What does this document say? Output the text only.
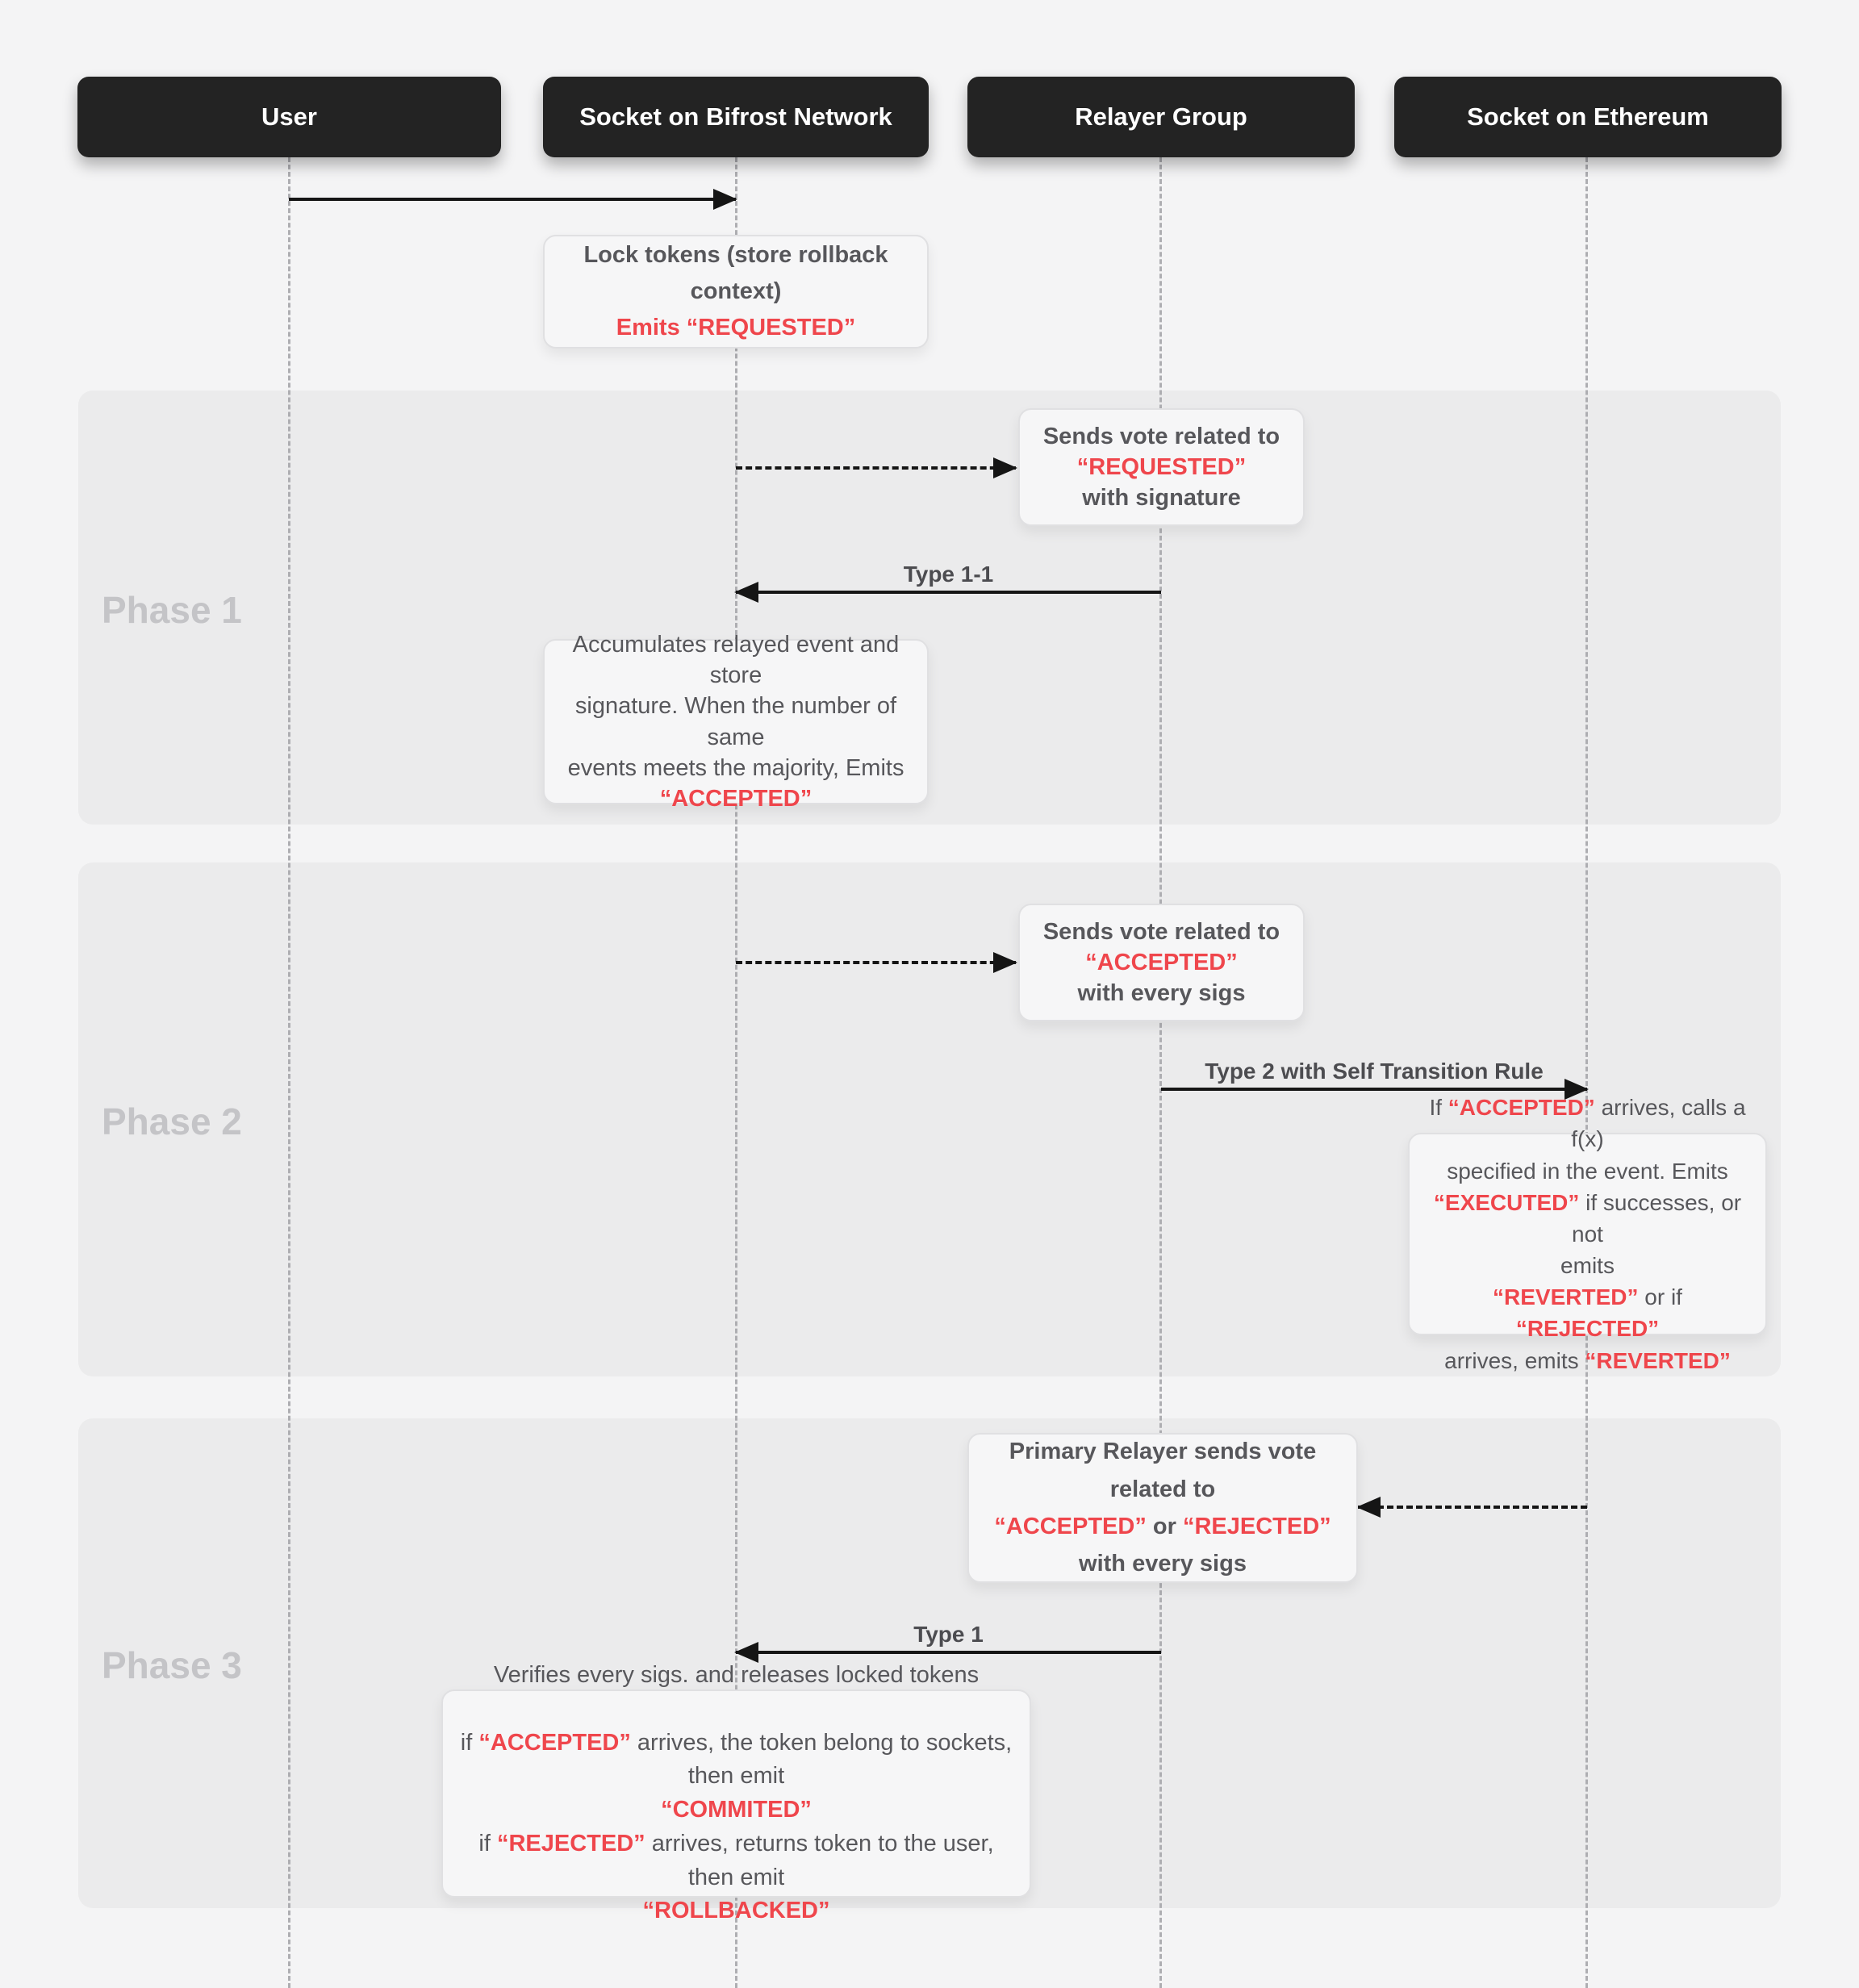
Phase 1
Phase 2
Phase 3
User	Socket on Bifrost Network	Relayer Group	Socket on Ethereum
Type 1-1
Type 2 with Self Transition Rule
Type 1
Lock tokens (store rollback context)
Emits “REQUESTED”
Sends vote related to
“REQUESTED”
with signature
Accumulates relayed event and store
signature. When the number of same
events meets the majority, Emits
“ACCEPTED”
Sends vote related to
“ACCEPTED”
with every sigs
If “ACCEPTED” arrives, calls a f(x)
specified in the event. Emits
“EXECUTED” if successes, or not
emits
“REVERTED” or if “REJECTED”
arrives, emits “REVERTED”
Primary Relayer sends vote related to
“ACCEPTED” or “REJECTED”
with every sigs
Verifies every sigs. and releases locked tokens

if “ACCEPTED” arrives, the token belong to sockets, then emit
“COMMITED”
if “REJECTED” arrives, returns token to the user, then emit
“ROLLBACKED”
